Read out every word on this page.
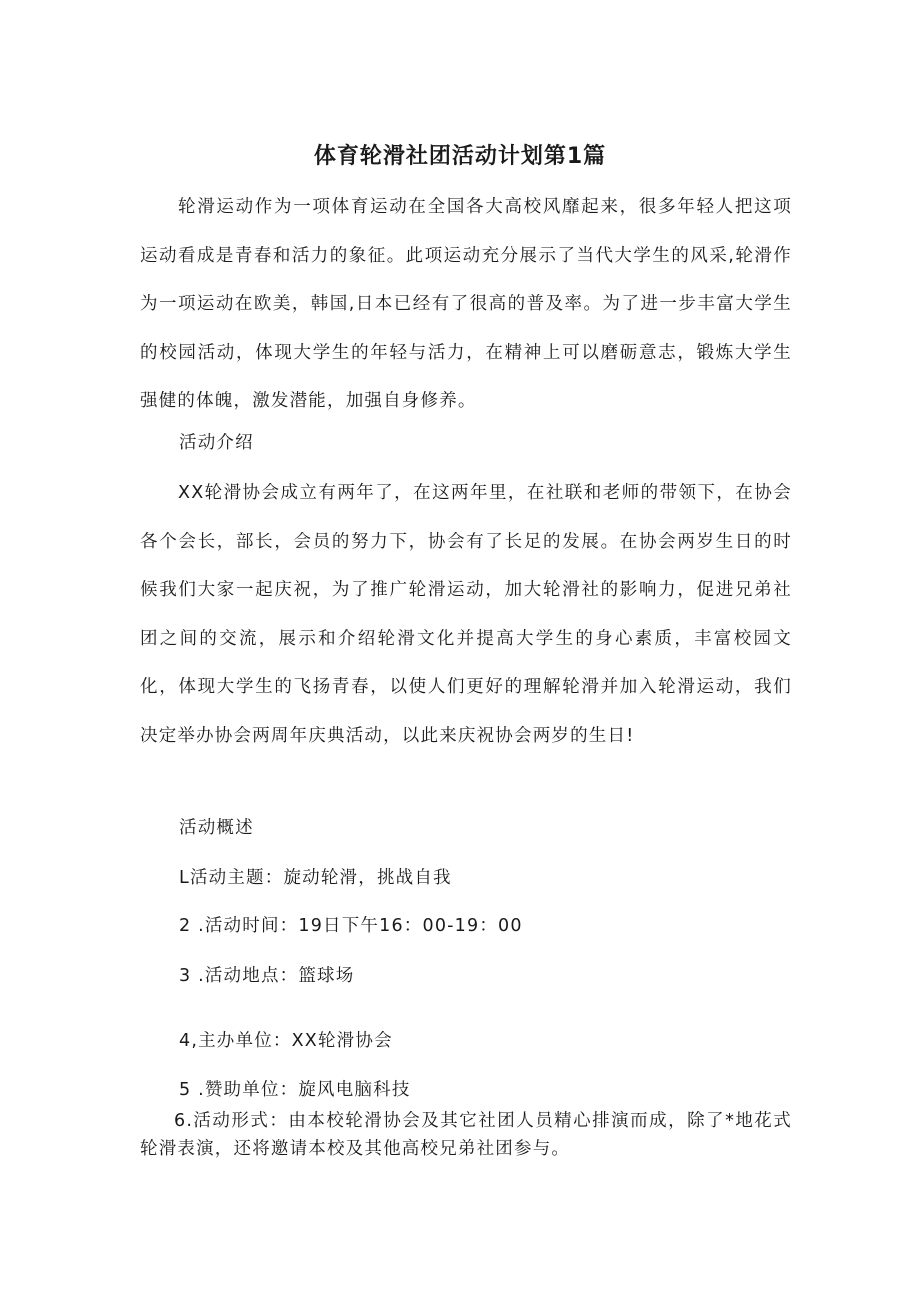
体育轮滑社团活动计划第1篇

轮滑运动作为一项体育运动在全国各大高校风靡起来，很多年轻人把这项运动看成是青春和活力的象征。此项运动充分展示了当代大学生的风采,轮滑作为一项运动在欧美，韩国,日本已经有了很高的普及率。为了进一步丰富大学生的校园活动，体现大学生的年轻与活力，在精神上可以磨砺意志，锻炼大学生强健的体魄，激发潜能，加强自身修养。

活动介绍

XX轮滑协会成立有两年了，在这两年里，在社联和老师的带领下，在协会各个会长，部长，会员的努力下，协会有了长足的发展。在协会两岁生日的时候我们大家一起庆祝，为了推广轮滑运动，加大轮滑社的影响力，促进兄弟社团之间的交流，展示和介绍轮滑文化并提高大学生的身心素质，丰富校园文化，体现大学生的飞扬青春，以使人们更好的理解轮滑并加入轮滑运动，我们决定举办协会两周年庆典活动，以此来庆祝协会两岁的生日!

活动概述

L活动主题：旋动轮滑，挑战自我

2 .活动时间：19日下午16：00-19：00

3 .活动地点：篮球场

4,主办单位：XX轮滑协会

5 .赞助单位：旋风电脑科技

6.活动形式：由本校轮滑协会及其它社团人员精心排演而成，除了*地花式轮滑表演，还将邀请本校及其他高校兄弟社团参与。
